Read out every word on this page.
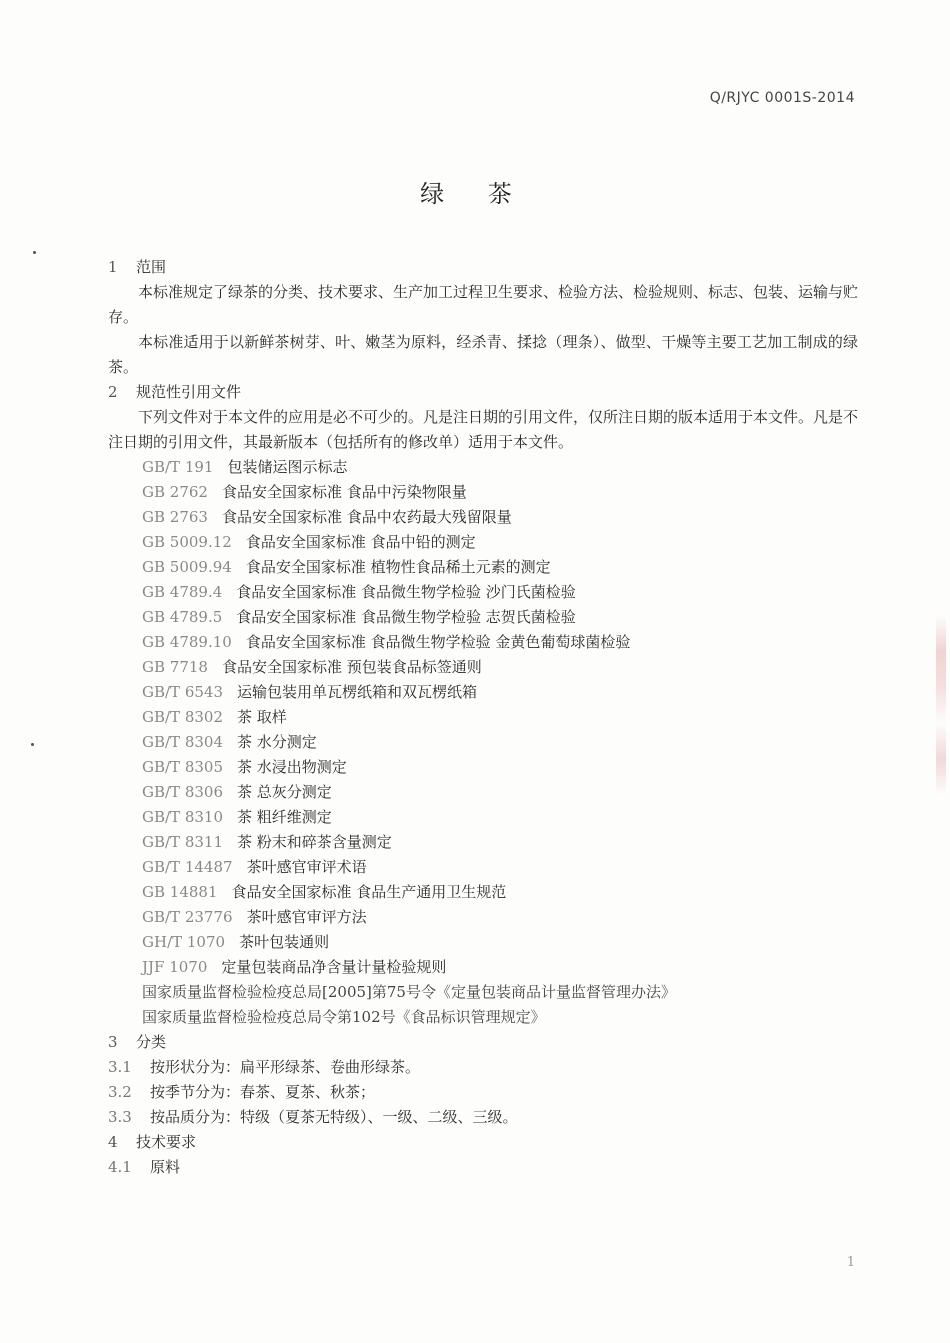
Q/RJYC 0001S-2014
绿 茶
1 范围

本标准规定了绿茶的分类、技术要求、生产加工过程卫生要求、检验方法、检验规则、标志、包装、运输与贮存。

本标准适用于以新鲜茶树芽、叶、嫩茎为原料，经杀青、揉捻（理条）、做型、干燥等主要工艺加工制成的绿茶。

2 规范性引用文件

下列文件对于本文件的应用是必不可少的。凡是注日期的引用文件，仅所注日期的版本适用于本文件。凡是不注日期的引用文件，其最新版本（包括所有的修改单）适用于本文件。

GB/T 191 包装储运图示标志
GB 2762 食品安全国家标准 食品中污染物限量
GB 2763 食品安全国家标准 食品中农药最大残留限量
GB 5009.12 食品安全国家标准 食品中铅的测定
GB 5009.94 食品安全国家标准 植物性食品稀土元素的测定
GB 4789.4 食品安全国家标准 食品微生物学检验 沙门氏菌检验
GB 4789.5 食品安全国家标准 食品微生物学检验 志贺氏菌检验
GB 4789.10 食品安全国家标准 食品微生物学检验 金黄色葡萄球菌检验
GB 7718 食品安全国家标准 预包装食品标签通则
GB/T 6543 运输包装用单瓦楞纸箱和双瓦楞纸箱
GB/T 8302 茶 取样
GB/T 8304 茶 水分测定
GB/T 8305 茶 水浸出物测定
GB/T 8306 茶 总灰分测定
GB/T 8310 茶 粗纤维测定
GB/T 8311 茶 粉末和碎茶含量测定
GB/T 14487 茶叶感官审评术语
GB 14881 食品安全国家标准 食品生产通用卫生规范
GB/T 23776 茶叶感官审评方法
GH/T 1070 茶叶包装通则
JJF 1070 定量包装商品净含量计量检验规则
国家质量监督检验检疫总局[2005]第75号令《定量包装商品计量监督管理办法》
国家质量监督检验检疫总局令第102号《食品标识管理规定》
3 分类
3.1 按形状分为：扁平形绿茶、卷曲形绿茶。
3.2 按季节分为：春茶、夏茶、秋茶；
3.3 按品质分为：特级（夏茶无特级）、一级、二级、三级。
4 技术要求
4.1 原料
1
